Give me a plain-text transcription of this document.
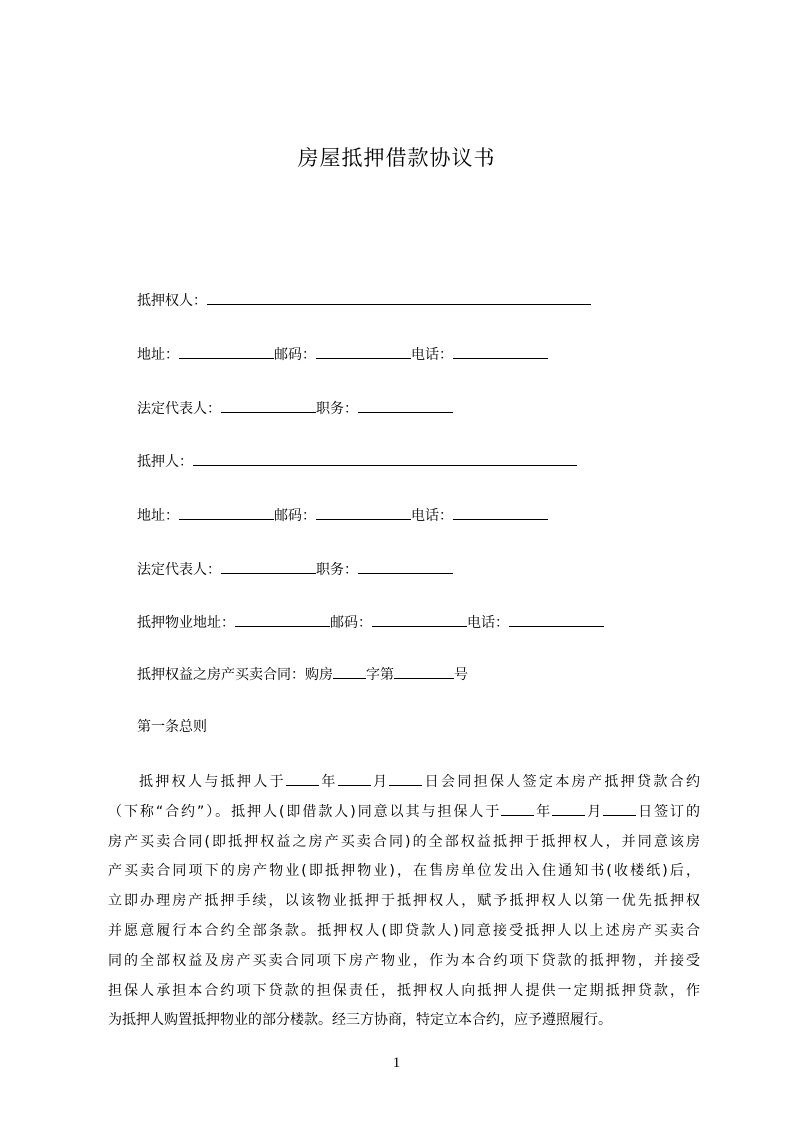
房屋抵押借款协议书
抵押权人：
地址：	邮码：	电话：
法定代表人：	职务：
抵押人：
地址：	邮码：	电话：
法定代表人：	职务：
抵押物业地址：	邮码：	电话：
抵押权益之房产买卖合同：购房 字第	号
第一条总则
抵押权人与抵押人于 年 月 日会同担保人签定本房产抵押贷款合约
（下称“合约”）。抵押人(即借款人)同意以其与担保人于 年 月 日签订的
房产买卖合同(即抵押权益之房产买卖合同)的全部权益抵押于抵押权人，并同意该房
产买卖合同项下的房产物业(即抵押物业)，在售房单位发出入住通知书(收楼纸)后，
立即办理房产抵押手续，以该物业抵押于抵押权人，赋予抵押权人以第一优先抵押权
并愿意履行本合约全部条款。抵押权人(即贷款人)同意接受抵押人以上述房产买卖合
同的全部权益及房产买卖合同项下房产物业，作为本合约项下贷款的抵押物，并接受
担保人承担本合约项下贷款的担保责任，抵押权人向抵押人提供一定期抵押贷款，作
为抵押人购置抵押物业的部分楼款。经三方协商，特定立本合约，应予遵照履行。
1
